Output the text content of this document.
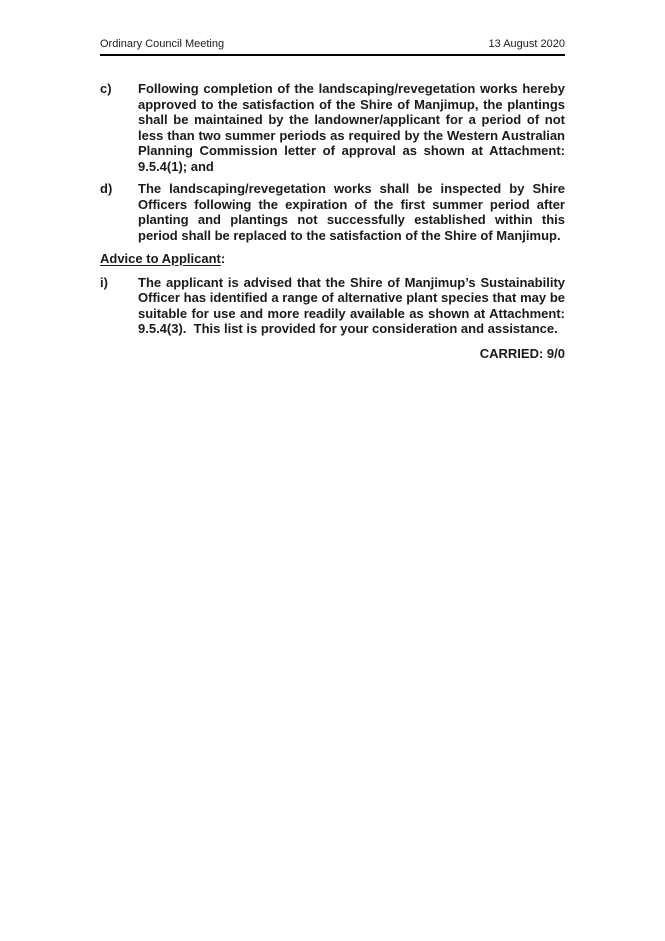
Ordinary Council Meeting	13 August 2020
c)	Following completion of the landscaping/revegetation works hereby approved to the satisfaction of the Shire of Manjimup, the plantings shall be maintained by the landowner/applicant for a period of not less than two summer periods as required by the Western Australian Planning Commission letter of approval as shown at Attachment: 9.5.4(1); and
d)	The landscaping/revegetation works shall be inspected by Shire Officers following the expiration of the first summer period after planting and plantings not successfully established within this period shall be replaced to the satisfaction of the Shire of Manjimup.
Advice to Applicant:
i)	The applicant is advised that the Shire of Manjimup’s Sustainability Officer has identified a range of alternative plant species that may be suitable for use and more readily available as shown at Attachment: 9.5.4(3).  This list is provided for your consideration and assistance.
CARRIED: 9/0
